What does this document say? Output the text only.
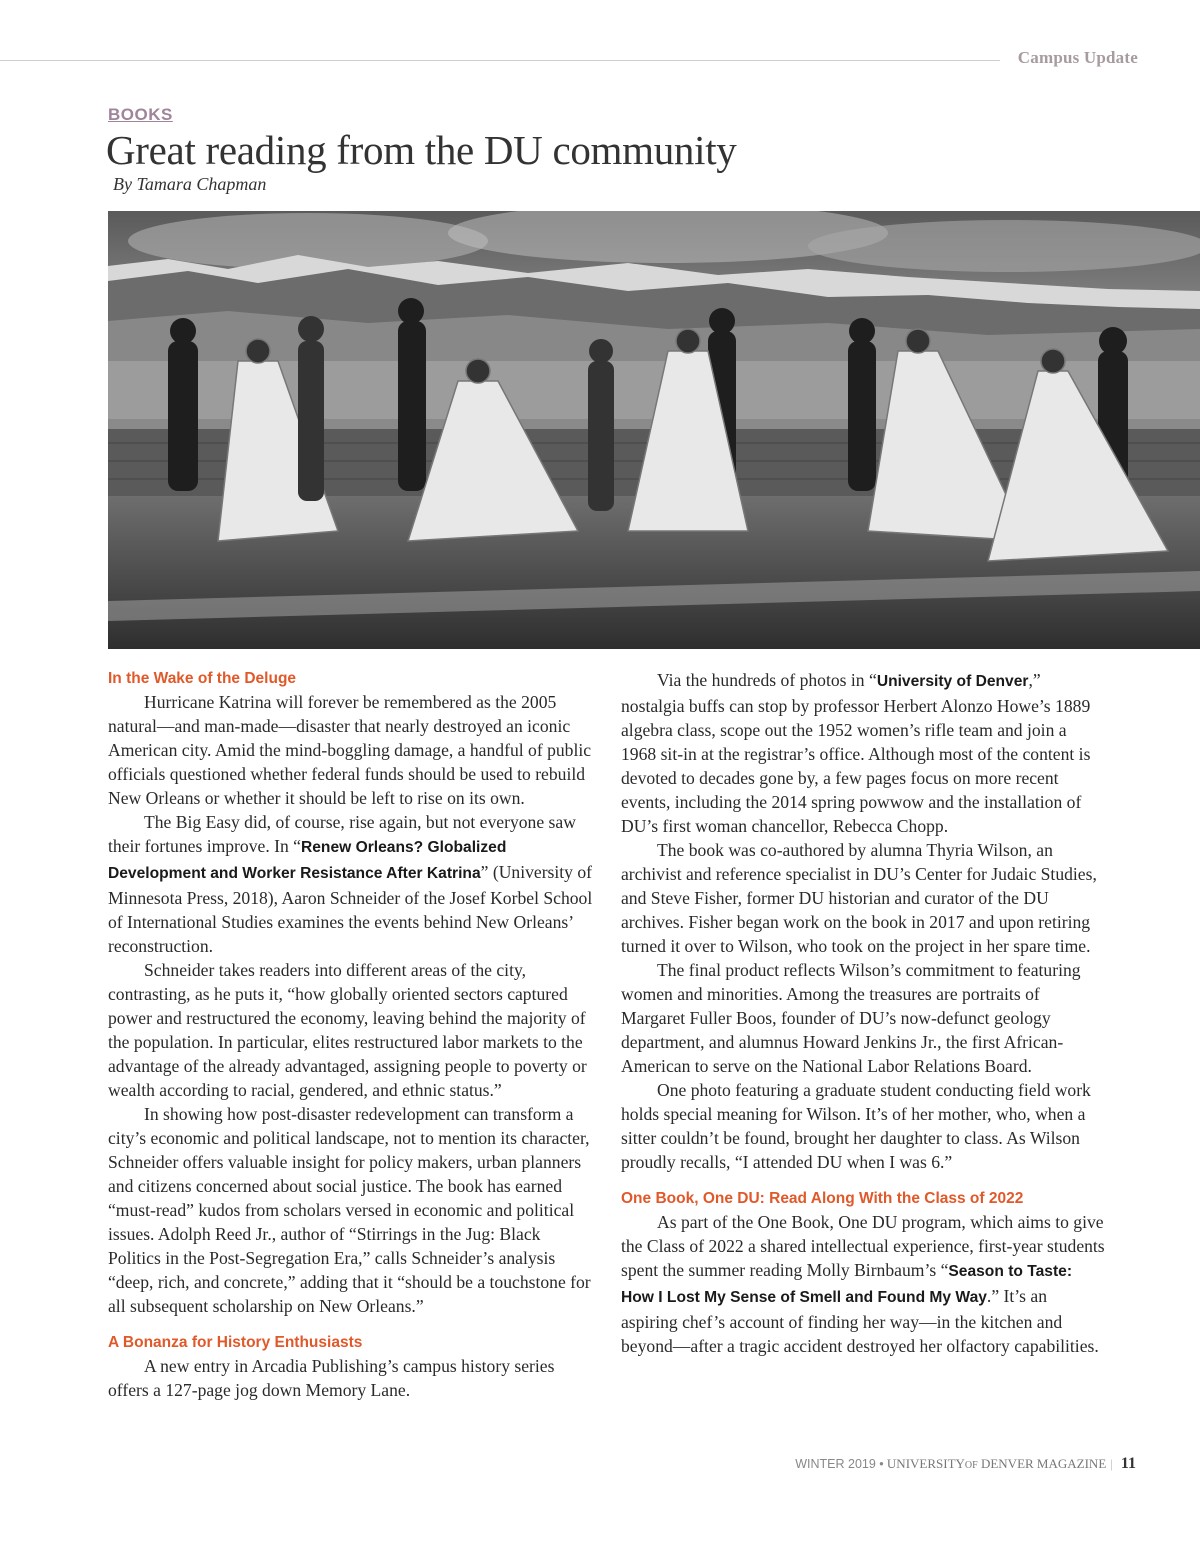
Campus Update
BOOKS
Great reading from the DU community
By Tamara Chapman
In the Wake of the Deluge

Hurricane Katrina will forever be remembered as the 2005 natural—and man-made—disaster that nearly destroyed an iconic American city. Amid the mind-boggling damage, a handful of public officials questioned whether federal funds should be used to rebuild New Orleans or whether it should be left to rise on its own.

The Big Easy did, of course, rise again, but not everyone saw their fortunes improve. In “Renew Orleans? Globalized Development and Worker Resistance After Katrina” (University of Minnesota Press, 2018), Aaron Schneider of the Josef Korbel School of International Studies examines the events behind New Orleans’ reconstruction.

Schneider takes readers into different areas of the city, contrasting, as he puts it, “how globally oriented sectors captured power and restructured the economy, leaving behind the majority of the population. In particular, elites restructured labor markets to the advantage of the already advantaged, assigning people to poverty or wealth according to racial, gendered, and ethnic status.”

In showing how post-disaster redevelopment can transform a city’s economic and political landscape, not to mention its character, Schneider offers valuable insight for policy makers, urban planners and citizens concerned about social justice. The book has earned “must-read” kudos from scholars versed in economic and political issues. Adolph Reed Jr., author of “Stirrings in the Jug: Black Politics in the Post-Segregation Era,” calls Schneider’s analysis “deep, rich, and concrete,” adding that it “should be a touchstone for all subsequent scholarship on New Orleans.”

A Bonanza for History Enthusiasts

A new entry in Arcadia Publishing’s campus history series offers a 127-page jog down Memory Lane.

Via the hundreds of photos in “University of Denver,” nostalgia buffs can stop by professor Herbert Alonzo Howe’s 1889 algebra class, scope out the 1952 women’s rifle team and join a 1968 sit-in at the registrar’s office. Although most of the content is devoted to decades gone by, a few pages focus on more recent events, including the 2014 spring powwow and the installation of DU’s first woman chancellor, Rebecca Chopp.

The book was co-authored by alumna Thyria Wilson, an archivist and reference specialist in DU’s Center for Judaic Studies, and Steve Fisher, former DU historian and curator of the DU archives. Fisher began work on the book in 2017 and upon retiring turned it over to Wilson, who took on the project in her spare time.

The final product reflects Wilson’s commitment to featuring women and minorities. Among the treasures are portraits of Margaret Fuller Boos, founder of DU’s now-defunct geology department, and alumnus Howard Jenkins Jr., the first African-American to serve on the National Labor Relations Board.

One photo featuring a graduate student conducting field work holds special meaning for Wilson. It’s of her mother, who, when a sitter couldn’t be found, brought her daughter to class. As Wilson proudly recalls, “I attended DU when I was 6.”

One Book, One DU: Read Along With the Class of 2022

As part of the One Book, One DU program, which aims to give the Class of 2022 a shared intellectual experience, first-year students spent the summer reading Molly Birnbaum’s “Season to Taste: How I Lost My Sense of Smell and Found My Way.” It’s an aspiring chef’s account of finding her way—in the kitchen and beyond—after a tragic accident destroyed her olfactory capabilities.

WINTER 2019 • UNIVERSITYOF DENVER MAGAZINE | 11
